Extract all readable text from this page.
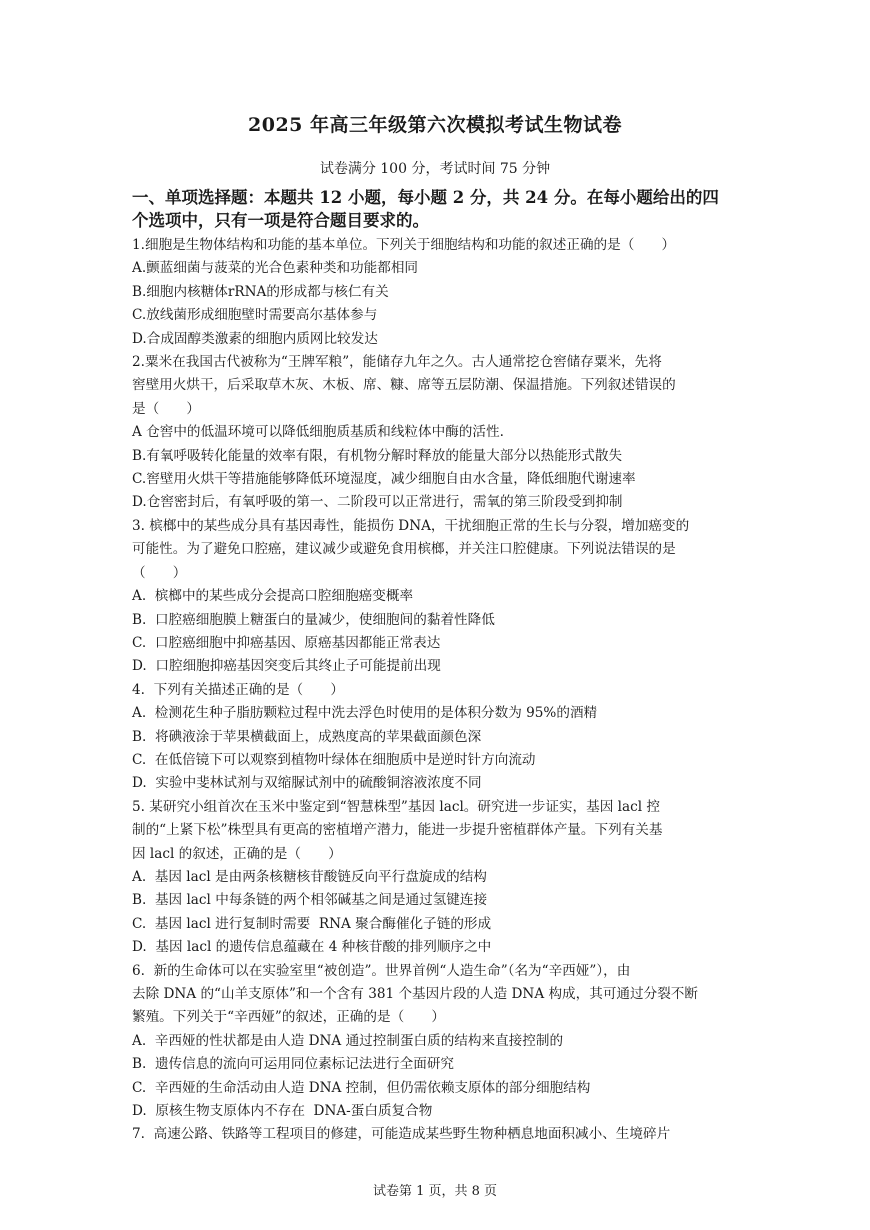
2025 年高三年级第六次模拟考试生物试卷
试卷满分 100 分，考试时间 75 分钟
一、单项选择题：本题共 12 小题，每小题 2 分，共 24 分。在每小题给出的四
个选项中，只有一项是符合题目要求的。
1.细胞是生物体结构和功能的基本单位。下列关于细胞结构和功能的叙述正确的是（　　）
A.颤蓝细菌与菠菜的光合色素种类和功能都相同
B.细胞内核糖体rRNA的形成都与核仁有关
C.放线菌形成细胞壁时需要高尔基体参与
D.合成固醇类激素的细胞内质网比较发达
2.粟米在我国古代被称为“王牌军粮”，能储存九年之久。古人通常挖仓窖储存粟米，先将
窖壁用火烘干，后采取草木灰、木板、席、糠、席等五层防潮、保温措施。下列叙述错误的
是（　　）
A 仓窖中的低温环境可以降低细胞质基质和线粒体中酶的活性.
B.有氧呼吸转化能量的效率有限，有机物分解时释放的能量大部分以热能形式散失
C.窖壁用火烘干等措施能够降低环境湿度，减少细胞自由水含量，降低细胞代谢速率
D.仓窖密封后，有氧呼吸的第一、二阶段可以正常进行，需氧的第三阶段受到抑制
3. 槟榔中的某些成分具有基因毒性，能损伤 DNA，干扰细胞正常的生长与分裂，增加癌变的
可能性。为了避免口腔癌，建议减少或避免食用槟榔，并关注口腔健康。下列说法错误的是
（　　）
A.  槟榔中的某些成分会提高口腔细胞癌变概率
B.  口腔癌细胞膜上糖蛋白的量减少，使细胞间的黏着性降低
C.  口腔癌细胞中抑癌基因、原癌基因都能正常表达
D.  口腔细胞抑癌基因突变后其终止子可能提前出现
4.  下列有关描述正确的是（　　）
A.  检测花生种子脂肪颗粒过程中洗去浮色时使用的是体积分数为 95%的酒精
B.  将碘液涂于苹果横截面上，成熟度高的苹果截面颜色深
C.  在低倍镜下可以观察到植物叶绿体在细胞质中是逆时针方向流动
D.  实验中斐林试剂与双缩脲试剂中的硫酸铜溶液浓度不同
5. 某研究小组首次在玉米中鉴定到“智慧株型”基因 lacl。研究进一步证实，基因 lacl 控
制的“上紧下松”株型具有更高的密植增产潜力，能进一步提升密植群体产量。下列有关基
因 lacl 的叙述，正确的是（　　）
A.  基因 lacl 是由两条核糖核苷酸链反向平行盘旋成的结构
B.  基因 lacl 中每条链的两个相邻碱基之间是通过氢键连接
C.  基因 lacl 进行复制时需要  RNA 聚合酶催化子链的形成
D.  基因 lacl 的遗传信息蕴藏在 4 种核苷酸的排列顺序之中
6.  新的生命体可以在实验室里“被创造”。世界首例“人造生命”（名为“辛西娅”），由
去除 DNA 的“山羊支原体”和一个含有 381 个基因片段的人造 DNA 构成，其可通过分裂不断
繁殖。下列关于“辛西娅”的叙述，正确的是（　　）
A.  辛西娅的性状都是由人造 DNA 通过控制蛋白质的结构来直接控制的
B.  遗传信息的流向可运用同位素标记法进行全面研究
C.  辛西娅的生命活动由人造 DNA 控制，但仍需依赖支原体的部分细胞结构
D.  原核生物支原体内不存在  DNA-蛋白质复合物
7.  高速公路、铁路等工程项目的修建，可能造成某些野生物种栖息地面积减小、生境碎片
试卷第 1 页，共 8 页
